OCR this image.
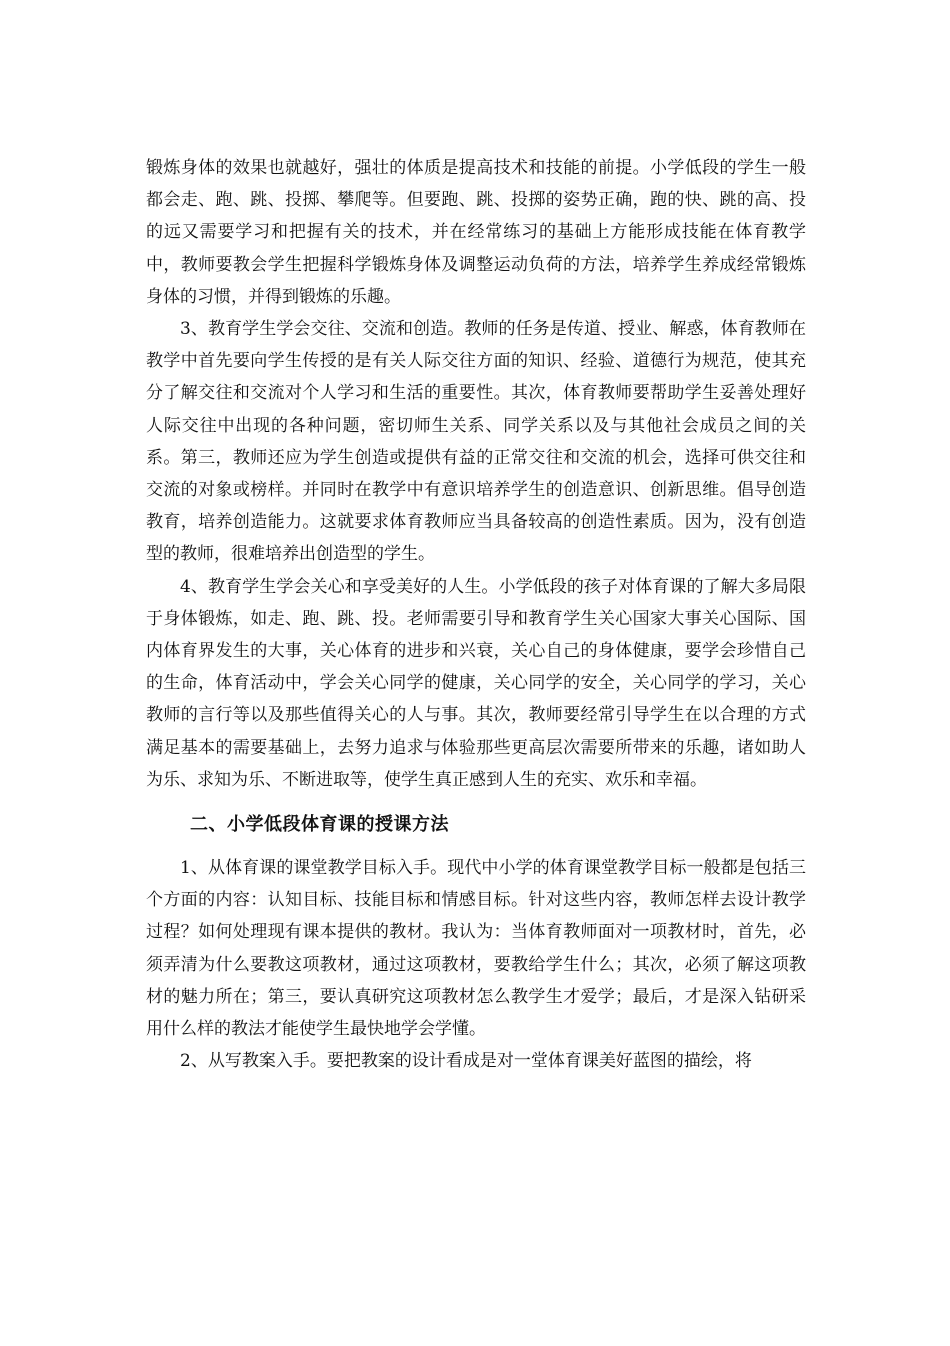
锻炼身体的效果也就越好，强壮的体质是提高技术和技能的前提。小学低段的学生一般都会走、跑、跳、投掷、攀爬等。但要跑、跳、投掷的姿势正确，跑的快、跳的高、投的远又需要学习和把握有关的技术，并在经常练习的基础上方能形成技能在体育教学中，教师要教会学生把握科学锻炼身体及调整运动负荷的方法，培养学生养成经常锻炼身体的习惯，并得到锻炼的乐趣。

3、教育学生学会交往、交流和创造。教师的任务是传道、授业、解惑，体育教师在教学中首先要向学生传授的是有关人际交往方面的知识、经验、道德行为规范，使其充分了解交往和交流对个人学习和生活的重要性。其次，体育教师要帮助学生妥善处理好人际交往中出现的各种问题，密切师生关系、同学关系以及与其他社会成员之间的关系。第三，教师还应为学生创造或提供有益的正常交往和交流的机会，选择可供交往和交流的对象或榜样。并同时在教学中有意识培养学生的创造意识、创新思维。倡导创造教育，培养创造能力。这就要求体育教师应当具备较高的创造性素质。因为，没有创造型的教师，很难培养出创造型的学生。

4、教育学生学会关心和享受美好的人生。小学低段的孩子对体育课的了解大多局限于身体锻炼，如走、跑、跳、投。老师需要引导和教育学生关心国家大事关心国际、国内体育界发生的大事，关心体育的进步和兴衰，关心自己的身体健康，要学会珍惜自己的生命，体育活动中，学会关心同学的健康，关心同学的安全，关心同学的学习，关心教师的言行等以及那些值得关心的人与事。其次，教师要经常引导学生在以合理的方式满足基本的需要基础上，去努力追求与体验那些更高层次需要所带来的乐趣，诸如助人为乐、求知为乐、不断进取等，使学生真正感到人生的充实、欢乐和幸福。

二、小学低段体育课的授课方法

1、从体育课的课堂教学目标入手。现代中小学的体育课堂教学目标一般都是包括三个方面的内容：认知目标、技能目标和情感目标。针对这些内容，教师怎样去设计教学过程？如何处理现有课本提供的教材。我认为：当体育教师面对一项教材时，首先，必须弄清为什么要教这项教材，通过这项教材，要教给学生什么；其次，必须了解这项教材的魅力所在；第三，要认真研究这项教材怎么教学生才爱学；最后，才是深入钻研采用什么样的教法才能使学生最快地学会学懂。

2、从写教案入手。要把教案的设计看成是对一堂体育课美好蓝图的描绘，将
